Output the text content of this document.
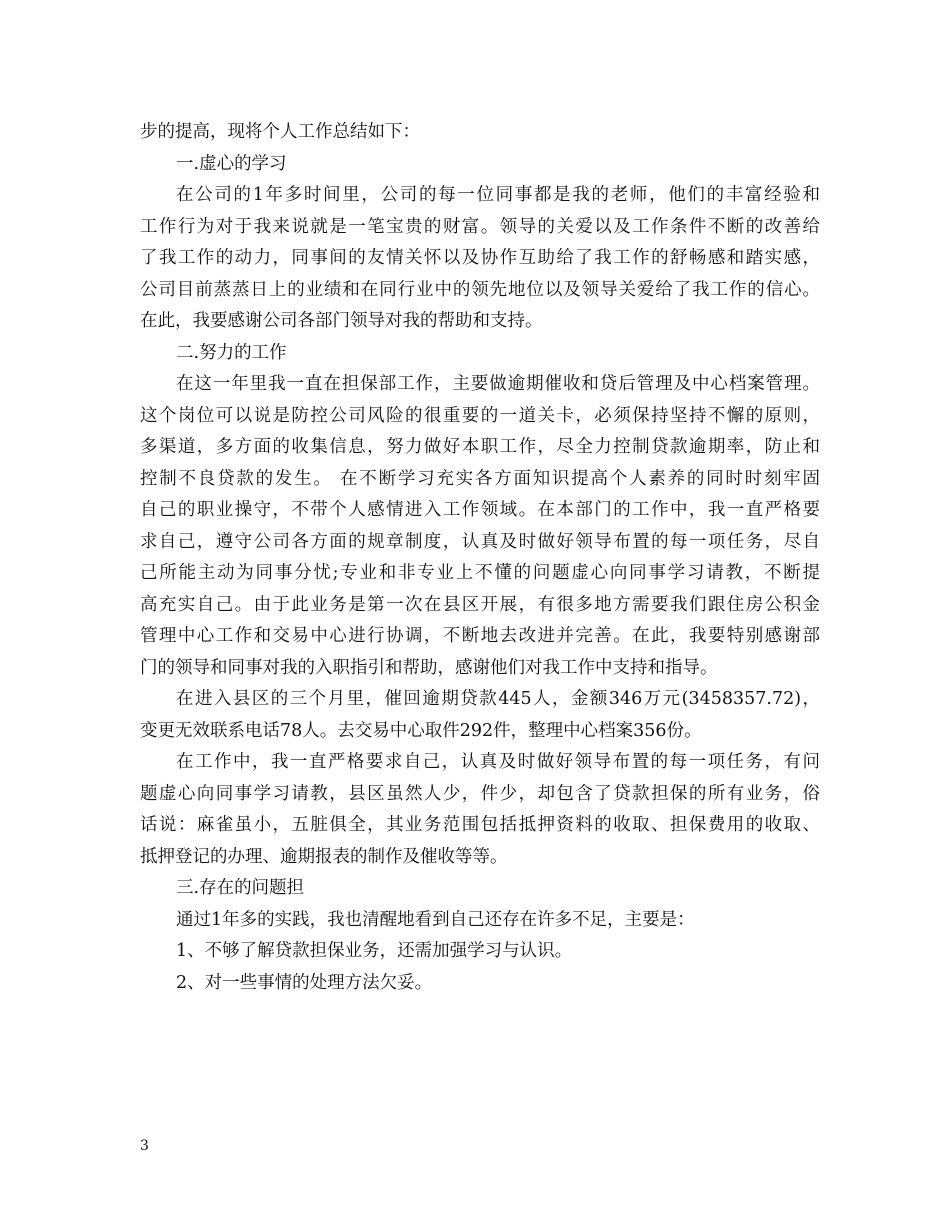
步的提高，现将个人工作总结如下：
一.虚心的学习
在公司的1年多时间里，公司的每一位同事都是我的老师，他们的丰富经验和
工作行为对于我来说就是一笔宝贵的财富。领导的关爱以及工作条件不断的改善给
了我工作的动力，同事间的友情关怀以及协作互助给了我工作的舒畅感和踏实感，
公司目前蒸蒸日上的业绩和在同行业中的领先地位以及领导关爱给了我工作的信心。
在此，我要感谢公司各部门领导对我的帮助和支持。
二.努力的工作
在这一年里我一直在担保部工作，主要做逾期催收和贷后管理及中心档案管理。
这个岗位可以说是防控公司风险的很重要的一道关卡，必须保持坚持不懈的原则，
多渠道，多方面的收集信息，努力做好本职工作，尽全力控制贷款逾期率，防止和
控制不良贷款的发生。 在不断学习充实各方面知识提高个人素养的同时时刻牢固
自己的职业操守，不带个人感情进入工作领域。在本部门的工作中，我一直严格要
求自己，遵守公司各方面的规章制度，认真及时做好领导布置的每一项任务，尽自
己所能主动为同事分忧;专业和非专业上不懂的问题虚心向同事学习请教，不断提
高充实自己。由于此业务是第一次在县区开展，有很多地方需要我们跟住房公积金
管理中心工作和交易中心进行协调，不断地去改进并完善。在此，我要特别感谢部
门的领导和同事对我的入职指引和帮助，感谢他们对我工作中支持和指导。
在进入县区的三个月里，催回逾期贷款445人，金额346万元(3458357.72)，
变更无效联系电话78人。去交易中心取件292件，整理中心档案356份。
在工作中，我一直严格要求自己，认真及时做好领导布置的每一项任务，有问
题虚心向同事学习请教，县区虽然人少，件少，却包含了贷款担保的所有业务，俗
话说：麻雀虽小，五脏俱全，其业务范围包括抵押资料的收取、担保费用的收取、
抵押登记的办理、逾期报表的制作及催收等等。
三.存在的问题担
通过1年多的实践，我也清醒地看到自己还存在许多不足，主要是：
1、不够了解贷款担保业务，还需加强学习与认识。
2、对一些事情的处理方法欠妥。
3
